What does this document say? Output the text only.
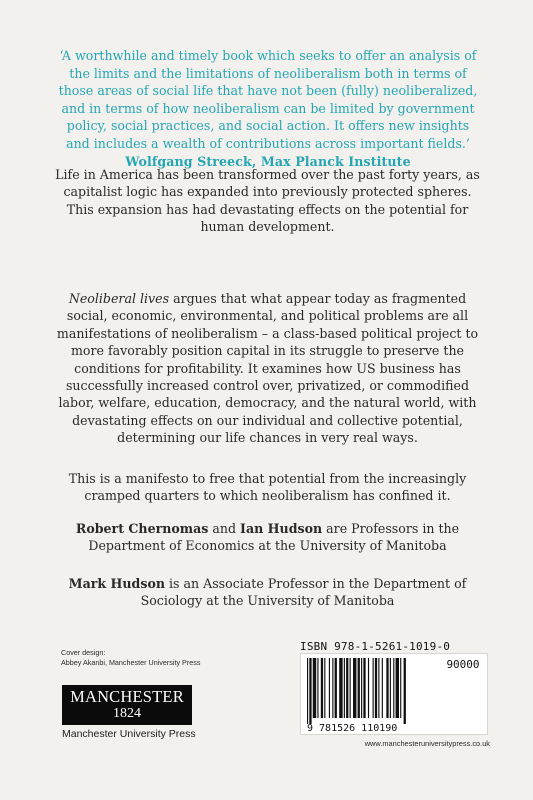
‘A worthwhile and timely book which seeks to offer an analysis of
the limits and the limitations of neoliberalism both in terms of
those areas of social life that have not been (fully) neoliberalized,
and in terms of how neoliberalism can be limited by government
policy, social practices, and social action. It offers new insights
and includes a wealth of contributions across important fields.’
Wolfgang Streeck, Max Planck Institute
Life in America has been transformed over the past forty years, as capitalist logic has expanded into previously protected spheres. This expansion has had devastating effects on the potential for human development.
Neoliberal lives argues that what appear today as fragmented social, economic, environmental, and political problems are all manifestations of neoliberalism – a class-based political project to more favorably position capital in its struggle to preserve the conditions for profitability. It examines how US business has successfully increased control over, privatized, or commodified labor, welfare, education, democracy, and the natural world, with devastating effects on our individual and collective potential, determining our life chances in very real ways.
This is a manifesto to free that potential from the increasingly cramped quarters to which neoliberalism has confined it.
Robert Chernomas and Ian Hudson are Professors in the Department of Economics at the University of Manitoba
Mark Hudson is an Associate Professor in the Department of Sociology at the University of Manitoba
Cover design:
Abbey Akanbi, Manchester University Press
MANCHESTER
1824
Manchester University Press
ISBN 978-1-5261-1019-0
9 781526 110190
90000
www.manchesteruniversitypress.co.uk
